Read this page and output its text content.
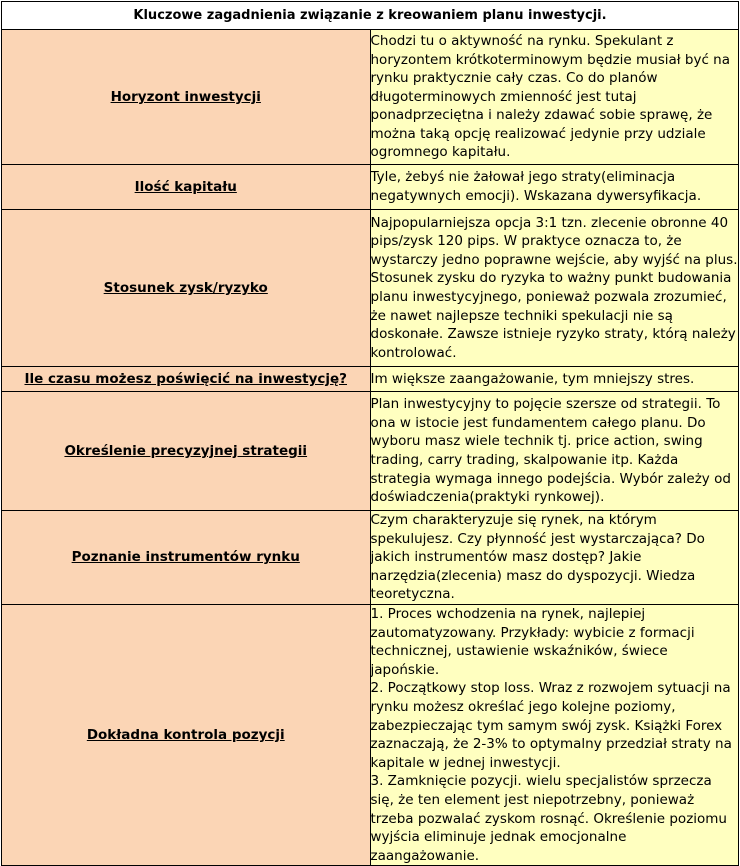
Kluczowe zagadnienia związanie z kreowaniem planu inwestycji.	
Horyzont inwestycji	Chodzi tu o aktywność na rynku. Spekulant z horyzontem krótkoterminowym będzie musiał być na rynku praktycznie cały czas. Co do planów długoterminowych zmienność jest tutaj ponadprzeciętna i należy zdawać sobie sprawę, że można taką opcję realizować jedynie przy udziale ogromnego kapitału.
Ilość kapitału	Tyle, żebyś nie żałował jego straty(eliminacja negatywnych emocji). Wskazana dywersyfikacja.
Stosunek zysk/ryzyko	Najpopularniejsza opcja 3:1 tzn. zlecenie obronne 40 pips/zysk 120 pips. W praktyce oznacza to, że wystarczy jedno poprawne wejście, aby wyjść na plus. Stosunek zysku do ryzyka to ważny punkt budowania planu inwestycyjnego, ponieważ pozwala zrozumieć, że nawet najlepsze techniki spekulacji nie są doskonałe. Zawsze istnieje ryzyko straty, którą należy kontrolować.
Ile czasu możesz poświęcić na inwestycję?	Im większe zaangażowanie, tym mniejszy stres.
Określenie precyzyjnej strategii	Plan inwestycyjny to pojęcie szersze od strategii. To ona w istocie jest fundamentem całego planu. Do wyboru masz wiele technik tj. price action, swing trading, carry trading, skalpowanie itp. Każda strategia wymaga innego podejścia. Wybór zależy od doświadczenia(praktyki rynkowej).
Poznanie instrumentów rynku	Czym charakteryzuje się rynek, na którym spekulujesz. Czy płynność jest wystarczająca? Do jakich instrumentów masz dostęp? Jakie narzędzia(zlecenia) masz do dyspozycji. Wiedza teoretyczna.
Dokładna kontrola pozycji	1. Proces wchodzenia na rynek, najlepiej zautomatyzowany. Przykłady: wybicie z formacji technicznej, ustawienie wskaźników, świece japońskie.
2. Początkowy stop loss. Wraz z rozwojem sytuacji na rynku możesz określać jego kolejne poziomy, zabezpieczając tym samym swój zysk. Książki Forex zaznaczają, że 2-3% to optymalny przedział straty na kapitale w jednej inwestycji.
3. Zamknięcie pozycji. wielu specjalistów sprzecza się, że ten element jest niepotrzebny, ponieważ trzeba pozwalać zyskom rosnąć. Określenie poziomu wyjścia eliminuje jednak emocjonalne zaangażowanie.
